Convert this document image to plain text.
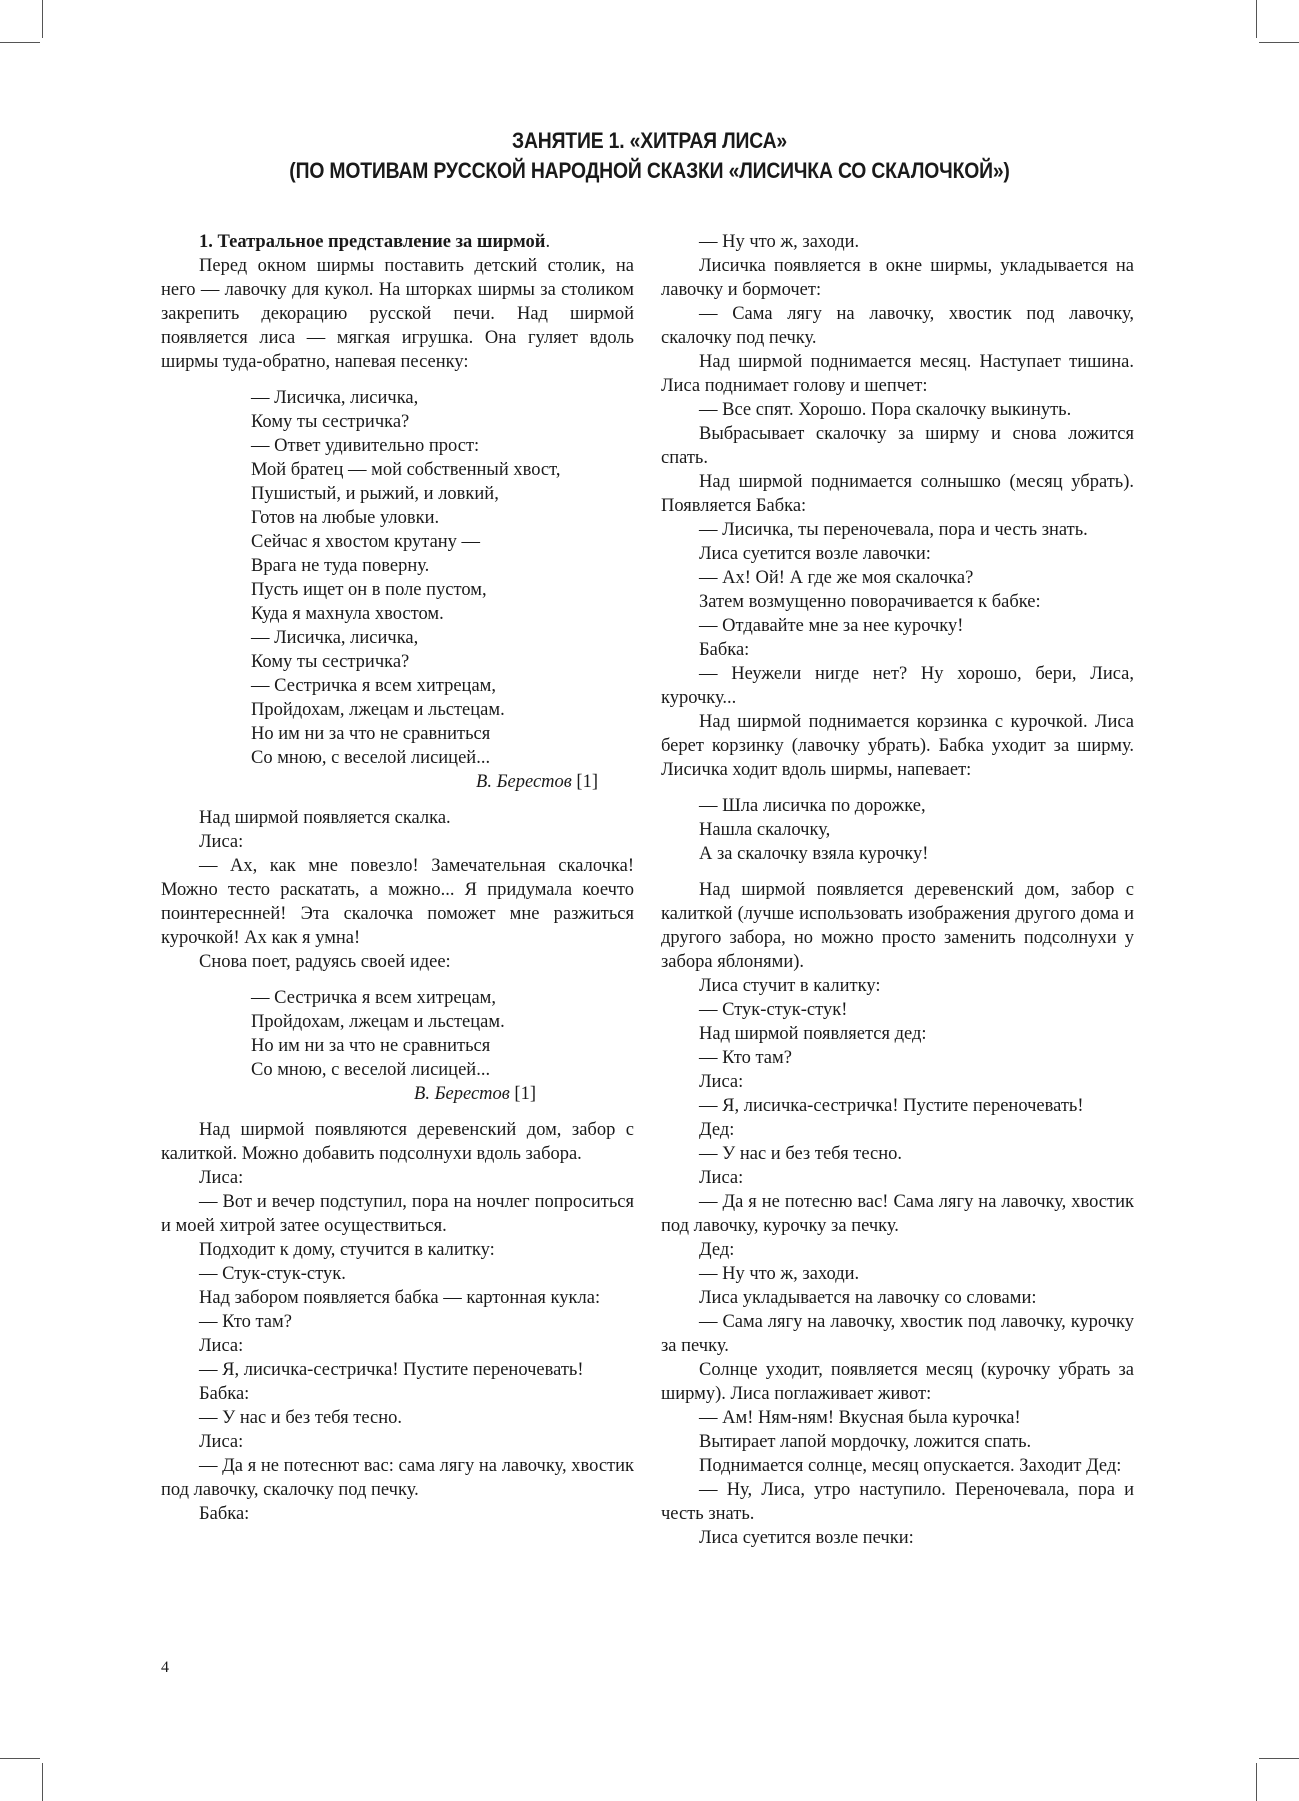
ЗАНЯТИЕ 1. «ХИТРАЯ ЛИСА»
(ПО МОТИВАМ РУССКОЙ НАРОДНОЙ СКАЗКИ «ЛИСИЧКА СО СКАЛОЧКОЙ»)

1. Театральное представление за ширмой.

Перед окном ширмы поставить детский столик, на него — лавочку для кукол. На шторках ширмы за столиком закрепить декорацию русской печи. Над ширмой появляется лиса — мягкая игрушка. Она гуляет вдоль ширмы туда-обратно, напевая песенку:

— Лисичка, лисичка,
Кому ты сестричка?
— Ответ удивительно прост:
Мой братец — мой собственный хвост,
Пушистый, и рыжий, и ловкий,
Готов на любые уловки.
Сейчас я хвостом крутану —
Врага не туда поверну.
Пусть ищет он в поле пустом,
Куда я махнула хвостом.
— Лисичка, лисичка,
Кому ты сестричка?
— Сестричка я всем хитрецам,
Пройдохам, лжецам и льстецам.
Но им ни за что не сравниться
Со мною, с веселой лисицей...
В. Берестов [1]

Над ширмой появляется скалка.

Лиса:

— Ах, как мне повезло! Замечательная скалочка! Можно тесто раскатать, а можно... Я придумала коечто поинтереснней! Эта скалочка поможет мне разжиться курочкой! Ах как я умна!

Снова поет, радуясь своей идее:

— Сестричка я всем хитрецам,
Пройдохам, лжецам и льстецам.
Но им ни за что не сравниться
Со мною, с веселой лисицей...
В. Берестов [1]

Над ширмой появляются деревенский дом, забор с калиткой. Можно добавить подсолнухи вдоль забора.

Лиса:

— Вот и вечер подступил, пора на ночлег попроситься и моей хитрой затее осуществиться.

Подходит к дому, стучится в калитку:

— Стук-стук-стук.

Над забором появляется бабка — картонная кукла:

— Кто там?

Лиса:

— Я, лисичка-сестричка! Пустите переночевать!

Бабка:

— У нас и без тебя тесно.

Лиса:

— Да я не потеснют вас: сама лягу на лавочку, хвостик под лавочку, скалочку под печку.

Бабка:

— Ну что ж, заходи.

Лисичка появляется в окне ширмы, укладывается на лавочку и бормочет:

— Сама лягу на лавочку, хвостик под лавочку, скалочку под печку.

Над ширмой поднимается месяц. Наступает тишина. Лиса поднимает голову и шепчет:

— Все спят. Хорошо. Пора скалочку выкинуть.

Выбрасывает скалочку за ширму и снова ложится спать.

Над ширмой поднимается солнышко (месяц убрать). Появляется Бабка:

— Лисичка, ты переночевала, пора и честь знать.

Лиса суетится возле лавочки:

— Ах! Ой! А где же моя скалочка?

Затем возмущенно поворачивается к бабке:

— Отдавайте мне за нее курочку!

Бабка:

— Неужели нигде нет? Ну хорошо, бери, Лиса, курочку...

Над ширмой поднимается корзинка с курочкой. Лиса берет корзинку (лавочку убрать). Бабка уходит за ширму. Лисичка ходит вдоль ширмы, напевает:

— Шла лисичка по дорожке,
Нашла скалочку,
А за скалочку взяла курочку!

Над ширмой появляется деревенский дом, забор с калиткой (лучше использовать изображения другого дома и другого забора, но можно просто заменить подсолнухи у забора яблонями).

Лиса стучит в калитку:

— Стук-стук-стук!

Над ширмой появляется дед:

— Кто там?

Лиса:

— Я, лисичка-сестричка! Пустите переночевать!

Дед:

— У нас и без тебя тесно.

Лиса:

— Да я не потесню вас! Сама лягу на лавочку, хвостик под лавочку, курочку за печку.

Дед:

— Ну что ж, заходи.

Лиса укладывается на лавочку со словами:

— Сама лягу на лавочку, хвостик под лавочку, курочку за печку.

Солнце уходит, появляется месяц (курочку убрать за ширму). Лиса поглаживает живот:

— Ам! Ням-ням! Вкусная была курочка!

Вытирает лапой мордочку, ложится спать.

Поднимается солнце, месяц опускается. Заходит Дед:

— Ну, Лиса, утро наступило. Переночевала, пора и честь знать.

Лиса суетится возле печки:

4
